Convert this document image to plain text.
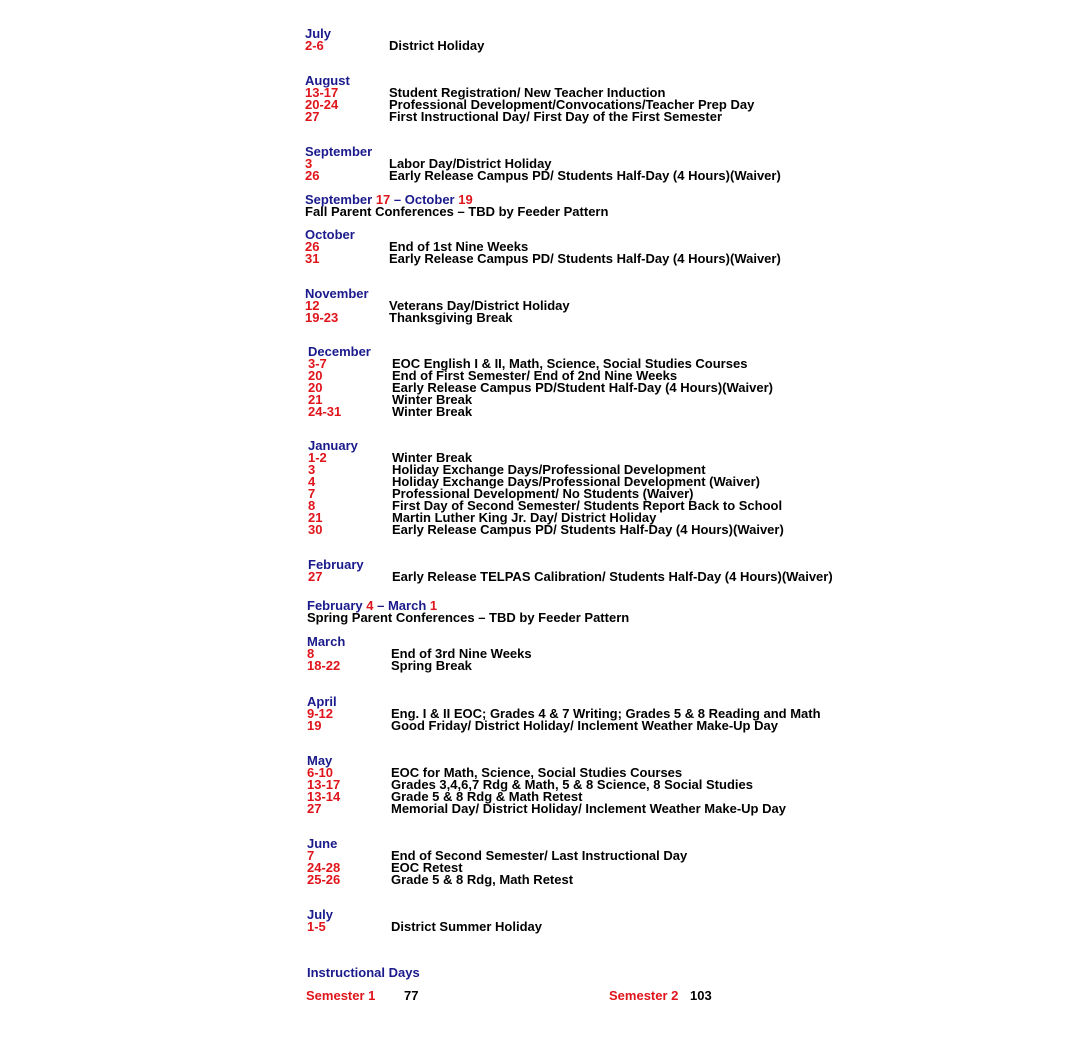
July
2-6	District Holiday
August
13-17	Student Registration/ New Teacher Induction
20-24	Professional Development/Convocations/Teacher Prep Day
27	First Instructional Day/ First Day of the First Semester
September
3	Labor Day/District Holiday
26	Early Release Campus PD/ Students Half-Day (4 Hours)(Waiver)
September 17 – October 19
Fall Parent Conferences – TBD by Feeder Pattern
October
26	End of 1st Nine Weeks
31	Early Release Campus PD/ Students Half-Day (4 Hours)(Waiver)
November
12	Veterans Day/District Holiday
19-23	Thanksgiving Break
December
3-7	EOC English I & II, Math, Science, Social Studies Courses
20	End of First Semester/ End of 2nd Nine Weeks
20	Early Release Campus PD/Student Half-Day (4 Hours)(Waiver)
21	Winter Break
24-31	Winter Break
January
1-2	Winter Break
3	Holiday Exchange Days/Professional Development
4	Holiday Exchange Days/Professional Development (Waiver)
7	Professional Development/ No Students (Waiver)
8	First Day of Second Semester/ Students Report Back to School
21	Martin Luther King Jr. Day/ District Holiday
30	Early Release Campus PD/ Students Half-Day (4 Hours)(Waiver)
February
27	Early Release TELPAS Calibration/ Students Half-Day (4 Hours)(Waiver)
February 4 – March 1
Spring Parent Conferences – TBD by Feeder Pattern
March
8	End of 3rd Nine Weeks
18-22	Spring Break
April
9-12	Eng. I & II EOC; Grades 4 & 7 Writing; Grades 5 & 8 Reading and Math
19	Good Friday/ District Holiday/ Inclement Weather Make-Up Day
May
6-10	EOC for Math, Science, Social Studies Courses
13-17	Grades 3,4,6,7 Rdg & Math, 5 & 8 Science, 8 Social Studies
13-14	Grade 5 & 8 Rdg & Math Retest
27	Memorial Day/ District Holiday/ Inclement Weather Make-Up Day
June
7	End of Second Semester/ Last Instructional Day
24-28	EOC Retest
25-26	Grade 5 & 8 Rdg, Math Retest
July
1-5	District Summer Holiday
Instructional Days
Semester 1 77	Semester 2 103
